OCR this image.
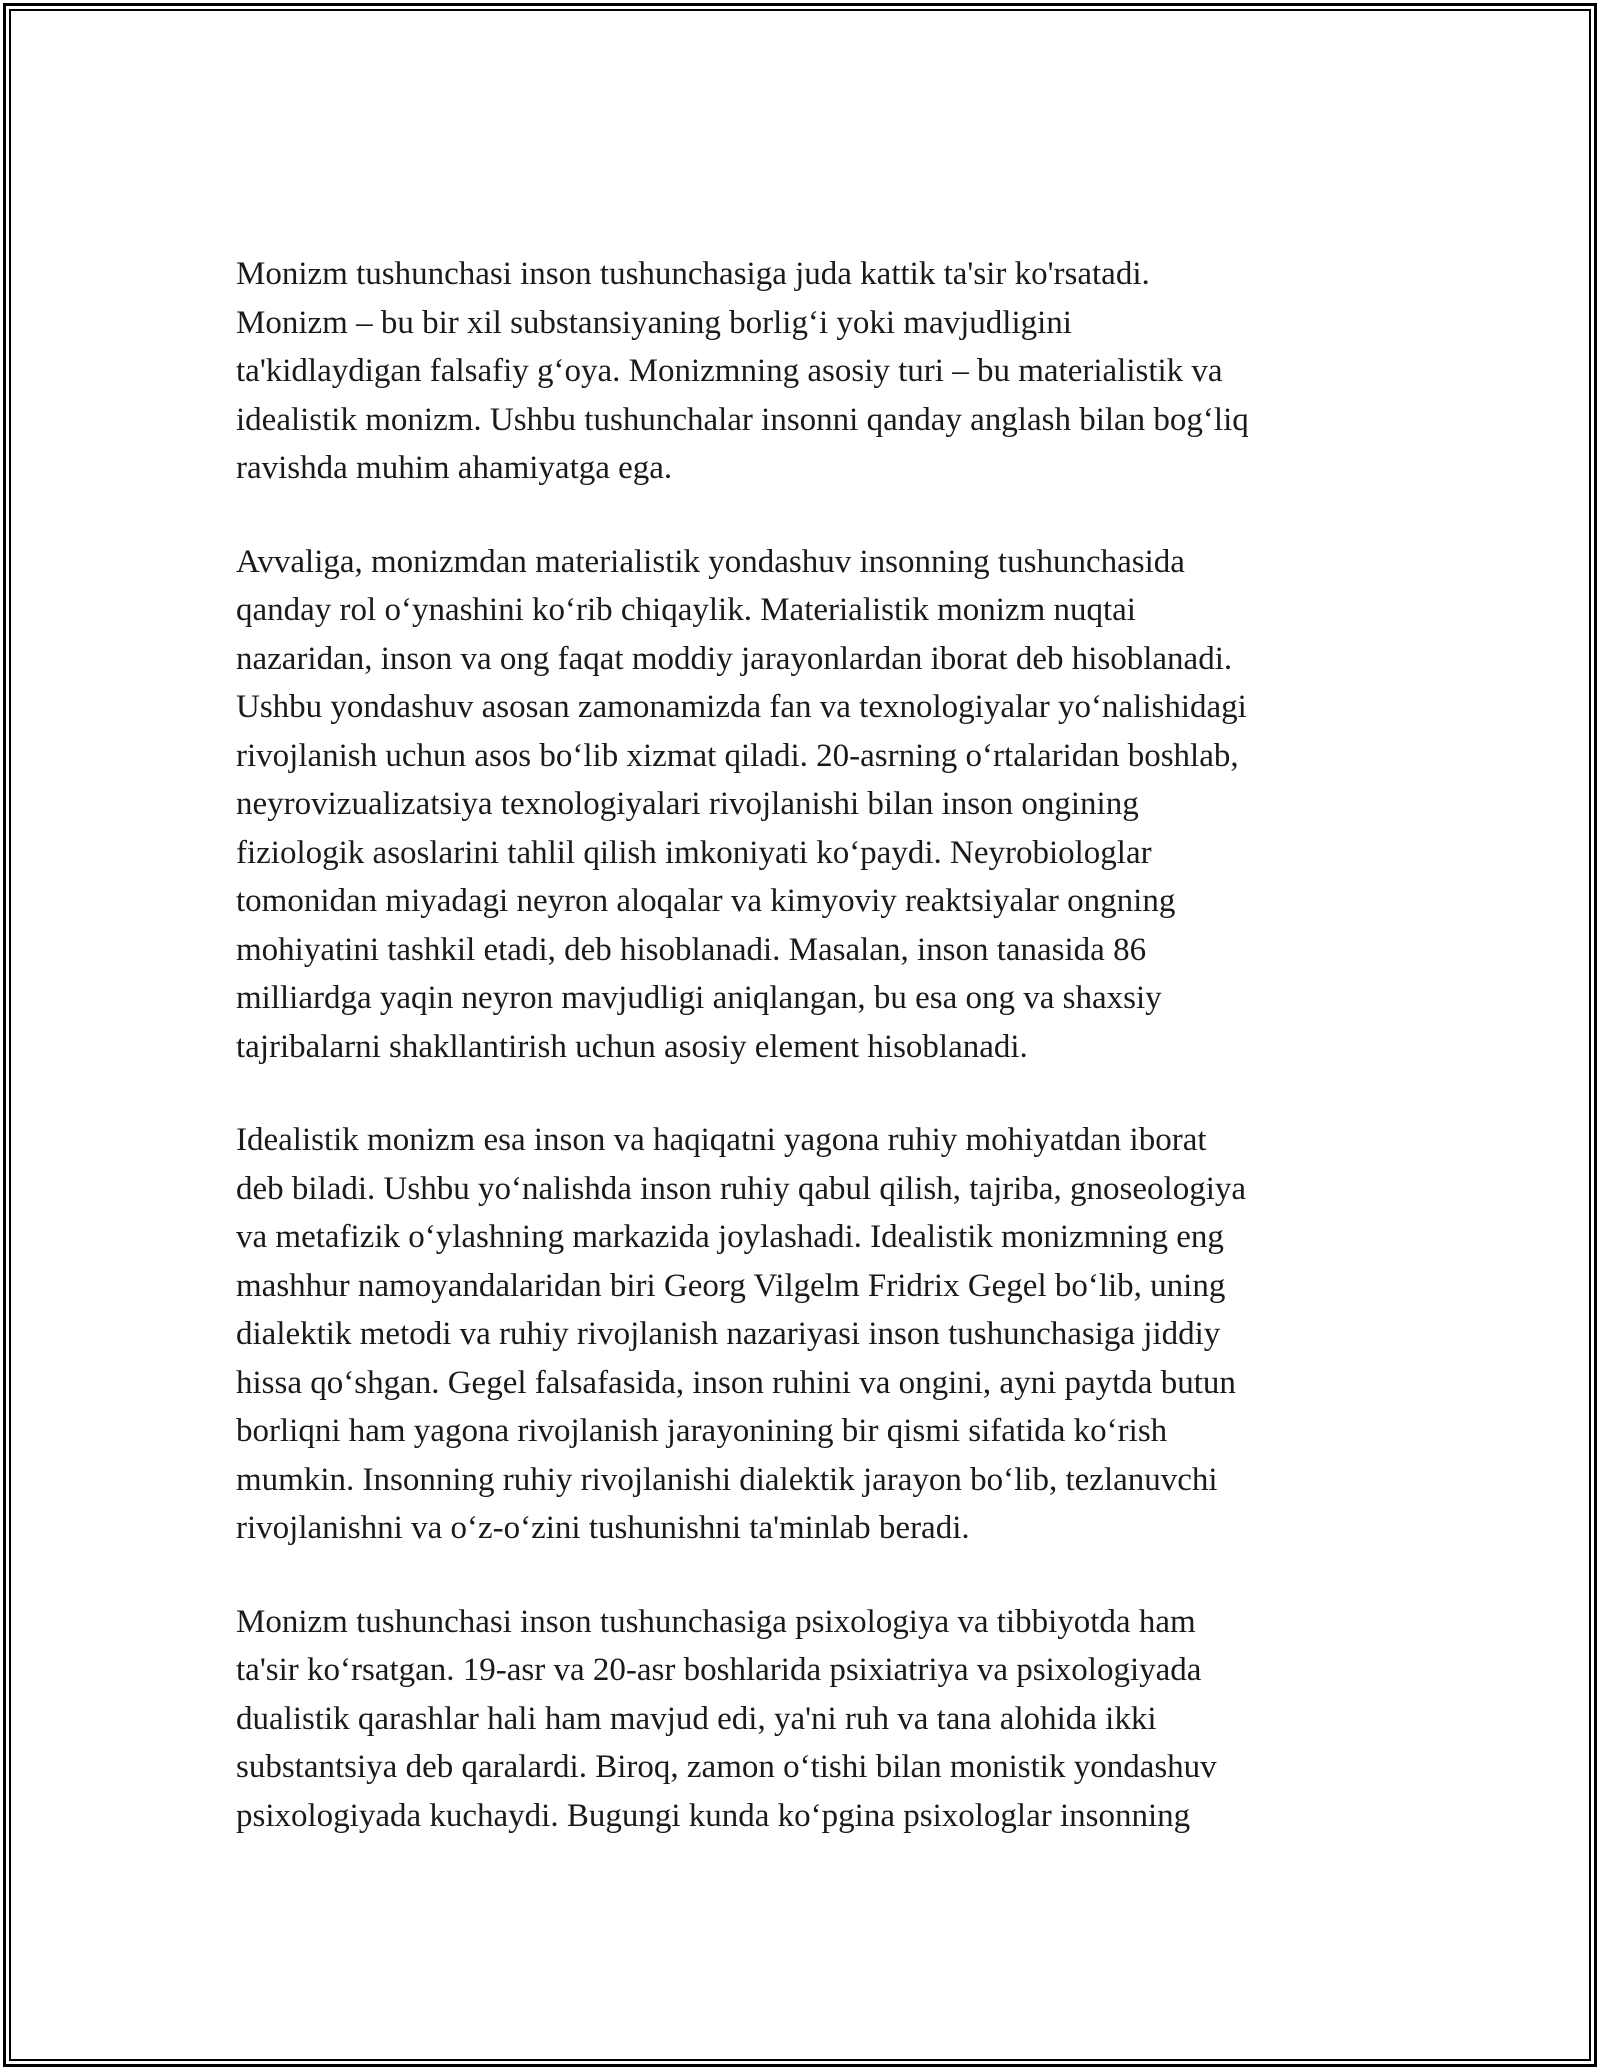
Monizm tushunchasi inson tushunchasiga juda kattik ta'sir ko'rsatadi.
Monizm – bu bir xil substansiyaning borlig‘i yoki mavjudligini
ta'kidlaydigan falsafiy g‘oya. Monizmning asosiy turi – bu materialistik va
idealistik monizm. Ushbu tushunchalar insonni qanday anglash bilan bog‘liq
ravishda muhim ahamiyatga ega.

Avvaliga, monizmdan materialistik yondashuv insonning tushunchasida
qanday rol o‘ynashini ko‘rib chiqaylik. Materialistik monizm nuqtai
nazaridan, inson va ong faqat moddiy jarayonlardan iborat deb hisoblanadi.
Ushbu yondashuv asosan zamonamizda fan va texnologiyalar yo‘nalishidagi
rivojlanish uchun asos bo‘lib xizmat qiladi. 20-asrning o‘rtalaridan boshlab,
neyrovizualizatsiya texnologiyalari rivojlanishi bilan inson ongining
fiziologik asoslarini tahlil qilish imkoniyati ko‘paydi. Neyrobiologlar
tomonidan miyadagi neyron aloqalar va kimyoviy reaktsiyalar ongning
mohiyatini tashkil etadi, deb hisoblanadi. Masalan, inson tanasida 86
milliardga yaqin neyron mavjudligi aniqlangan, bu esa ong va shaxsiy
tajribalarni shakllantirish uchun asosiy element hisoblanadi.

Idealistik monizm esa inson va haqiqatni yagona ruhiy mohiyatdan iborat
deb biladi. Ushbu yo‘nalishda inson ruhiy qabul qilish, tajriba, gnoseologiya
va metafizik o‘ylashning markazida joylashadi. Idealistik monizmning eng
mashhur namoyandalaridan biri Georg Vilgelm Fridrix Gegel bo‘lib, uning
dialektik metodi va ruhiy rivojlanish nazariyasi inson tushunchasiga jiddiy
hissa qo‘shgan. Gegel falsafasida, inson ruhini va ongini, ayni paytda butun
borliqni ham yagona rivojlanish jarayonining bir qismi sifatida ko‘rish
mumkin. Insonning ruhiy rivojlanishi dialektik jarayon bo‘lib, tezlanuvchi
rivojlanishni va o‘z-o‘zini tushunishni ta'minlab beradi.

Monizm tushunchasi inson tushunchasiga psixologiya va tibbiyotda ham
ta'sir ko‘rsatgan. 19-asr va 20-asr boshlarida psixiatriya va psixologiyada
dualistik qarashlar hali ham mavjud edi, ya'ni ruh va tana alohida ikki
substantsiya deb qaralardi. Biroq, zamon o‘tishi bilan monistik yondashuv
psixologiyada kuchaydi. Bugungi kunda ko‘pgina psixologlar insonning
